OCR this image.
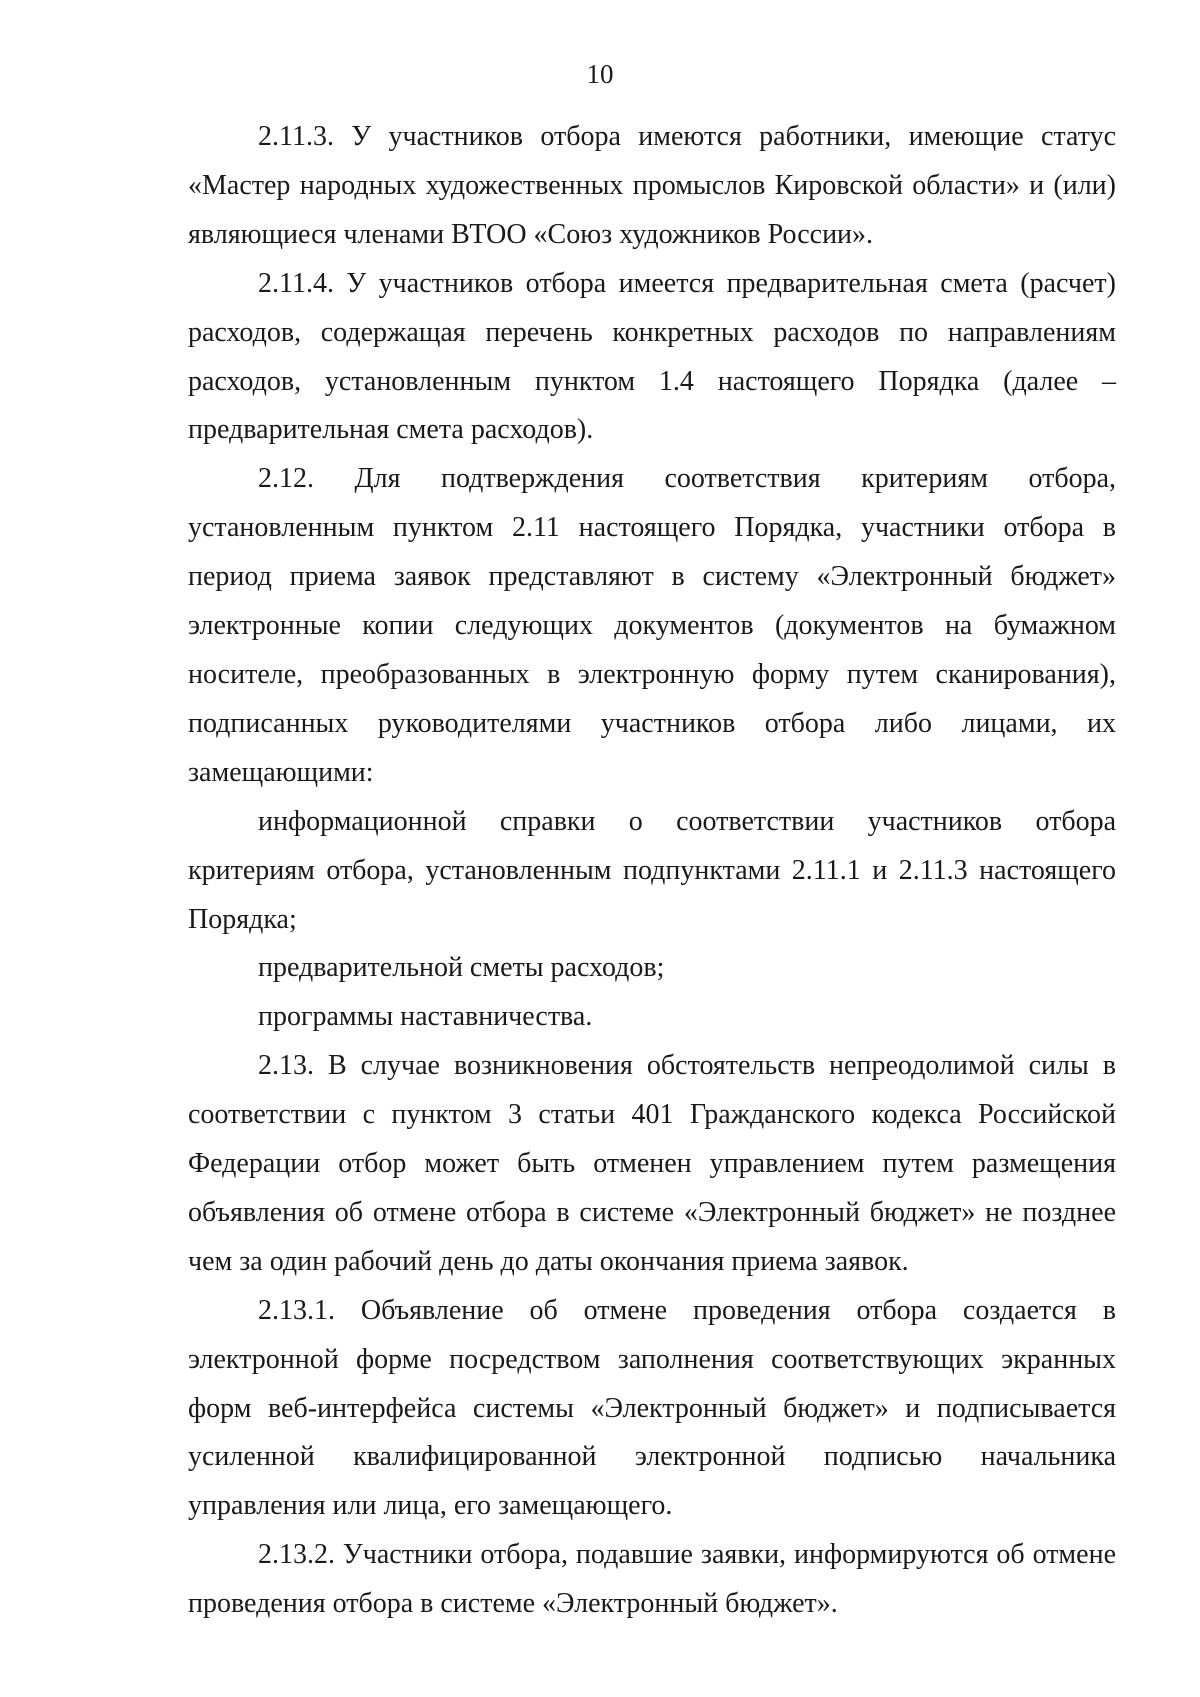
10

2.11.3. У участников отбора имеются работники, имеющие статус «Мастер народных художественных промыслов Кировской области» и (или) являющиеся членами ВТОО «Союз художников России».

2.11.4. У участников отбора имеется предварительная смета (расчет) расходов, содержащая перечень конкретных расходов по направлениям расходов, установленным пунктом 1.4 настоящего Порядка (далее – предварительная смета расходов).

2.12. Для подтверждения соответствия критериям отбора, установленным пунктом 2.11 настоящего Порядка, участники отбора в период приема заявок представляют в систему «Электронный бюджет» электронные копии следующих документов (документов на бумажном носителе, преобразованных в электронную форму путем сканирования), подписанных руководителями участников отбора либо лицами, их замещающими:

информационной справки о соответствии участников отбора критериям отбора, установленным подпунктами 2.11.1 и 2.11.3 настоящего Порядка;

предварительной сметы расходов;

программы наставничества.

2.13. В случае возникновения обстоятельств непреодолимой силы в соответствии с пунктом 3 статьи 401 Гражданского кодекса Российской Федерации отбор может быть отменен управлением путем размещения объявления об отмене отбора в системе «Электронный бюджет» не позднее чем за один рабочий день до даты окончания приема заявок.

2.13.1. Объявление об отмене проведения отбора создается в электронной форме посредством заполнения соответствующих экранных форм веб-интерфейса системы «Электронный бюджет» и подписывается усиленной квалифицированной электронной подписью начальника управления или лица, его замещающего.

2.13.2. Участники отбора, подавшие заявки, информируются об отмене проведения отбора в системе «Электронный бюджет».
